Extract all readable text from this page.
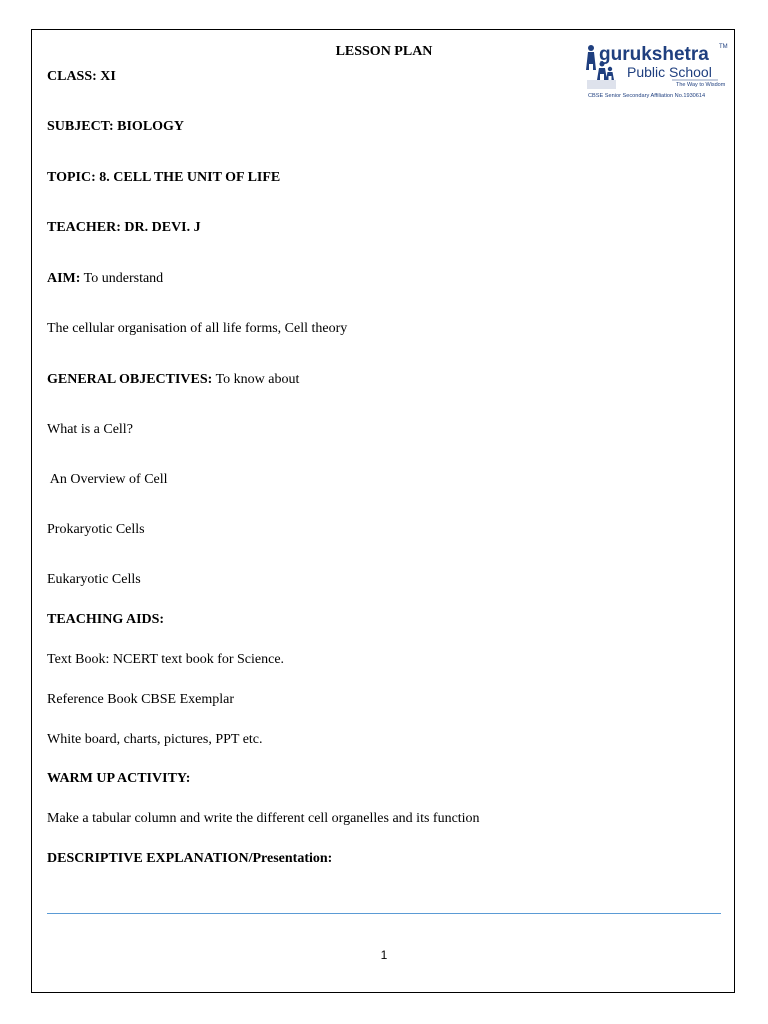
LESSON PLAN	gurukshetra TM
Public School
The Way to Wisdom
CBSE Senior Secondary Affiliation No.1930614
CLASS: XI
SUBJECT: BIOLOGY
TOPIC: 8. CELL THE UNIT OF LIFE
TEACHER: DR. DEVI. J
AIM: To understand
The cellular organisation of all life forms, Cell theory
GENERAL OBJECTIVES: To know about
What is a Cell?
An Overview of Cell
Prokaryotic Cells
Eukaryotic Cells
TEACHING AIDS:
Text Book: NCERT text book for Science.
Reference Book CBSE Exemplar
White board, charts, pictures, PPT etc.
WARM UP ACTIVITY:
Make a tabular column and write the different cell organelles and its function
DESCRIPTIVE EXPLANATION/Presentation:
1
